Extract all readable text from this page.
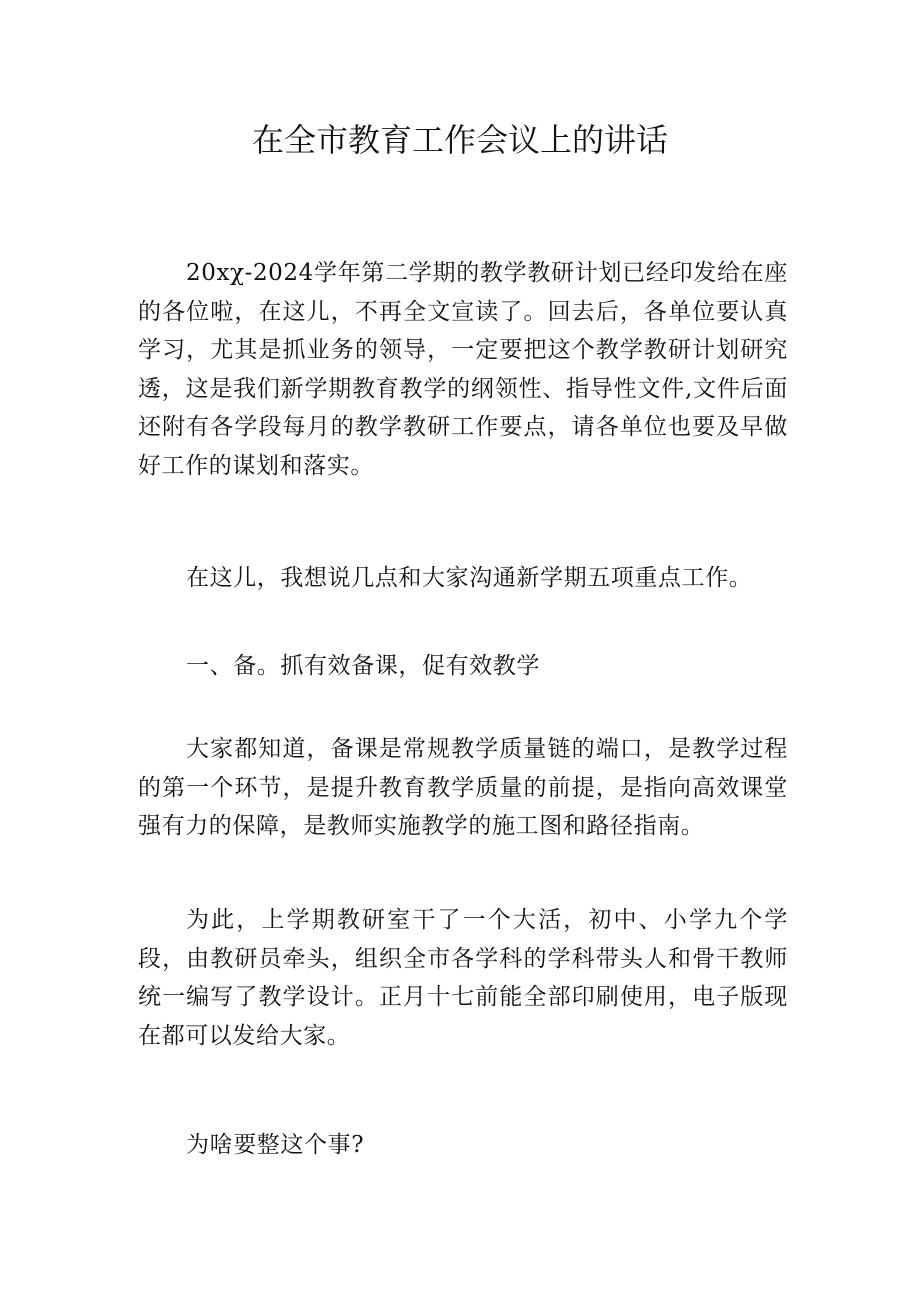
在全市教育工作会议上的讲话

20xχ-2024学年第二学期的教学教研计划已经印发给在座的各位啦，在这儿，不再全文宣读了。回去后，各单位要认真学习，尤其是抓业务的领导，一定要把这个教学教研计划研究透，这是我们新学期教育教学的纲领性、指导性文件,文件后面还附有各学段每月的教学教研工作要点，请各单位也要及早做好工作的谋划和落实。

在这儿，我想说几点和大家沟通新学期五项重点工作。

一、备。抓有效备课，促有效教学

大家都知道，备课是常规教学质量链的端口，是教学过程的第一个环节，是提升教育教学质量的前提，是指向高效课堂强有力的保障，是教师实施教学的施工图和路径指南。

为此，上学期教研室干了一个大活，初中、小学九个学段，由教研员牵头，组织全市各学科的学科带头人和骨干教师统一编写了教学设计。正月十七前能全部印刷使用，电子版现在都可以发给大家。

为啥要整这个事?
